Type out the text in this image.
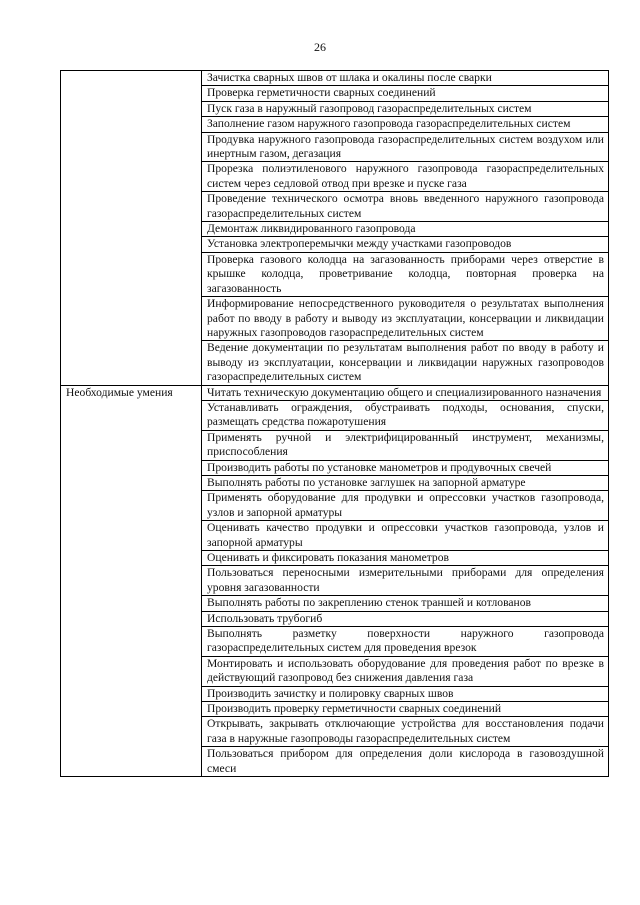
26
	Зачистка сварных швов от шлака и окалины после сварки
	Проверка герметичности сварных соединений
	Пуск газа в наружный газопровод газораспределительных систем
	Заполнение газом наружного газопровода газораспределительных систем
	Продувка наружного газопровода газораспределительных систем воздухом или инертным газом, дегазация
	Прорезка полиэтиленового наружного газопровода газораспределительных систем через седловой отвод при врезке и пуске газа
	Проведение технического осмотра вновь введенного наружного газопровода газораспределительных систем
	Демонтаж ликвидированного газопровода
	Установка электроперемычки между участками газопроводов
	Проверка газового колодца на загазованность приборами через отверстие в крышке колодца, проветривание колодца, повторная проверка на загазованность
	Информирование непосредственного руководителя о результатах выполнения работ по вводу в работу и выводу из эксплуатации, консервации и ликвидации наружных газопроводов газораспределительных систем
	Ведение документации по результатам выполнения работ по вводу в работу и выводу из эксплуатации, консервации и ликвидации наружных газопроводов газораспределительных систем
Необходимые умения	Читать техническую документацию общего и специализированного назначения
	Устанавливать ограждения, обустраивать подходы, основания, спуски, размещать средства пожаротушения
	Применять ручной и электрифицированный инструмент, механизмы, приспособления
	Производить работы по установке манометров и продувочных свечей
	Выполнять работы по установке заглушек на запорной арматуре
	Применять оборудование для продувки и опрессовки участков газопровода, узлов и запорной арматуры
	Оценивать качество продувки и опрессовки участков газопровода, узлов и запорной арматуры
	Оценивать и фиксировать показания манометров
	Пользоваться переносными измерительными приборами для определения уровня загазованности
	Выполнять работы по закреплению стенок траншей и котлованов
	Использовать трубогиб
	Выполнять разметку поверхности наружного газопровода газораспределительных систем для проведения врезок
	Монтировать и использовать оборудование для проведения работ по врезке в действующий газопровод без снижения давления газа
	Производить зачистку и полировку сварных швов
	Производить проверку герметичности сварных соединений
	Открывать, закрывать отключающие устройства для восстановления подачи газа в наружные газопроводы газораспределительных систем
	Пользоваться прибором для определения доли кислорода в газовоздушной смеси
